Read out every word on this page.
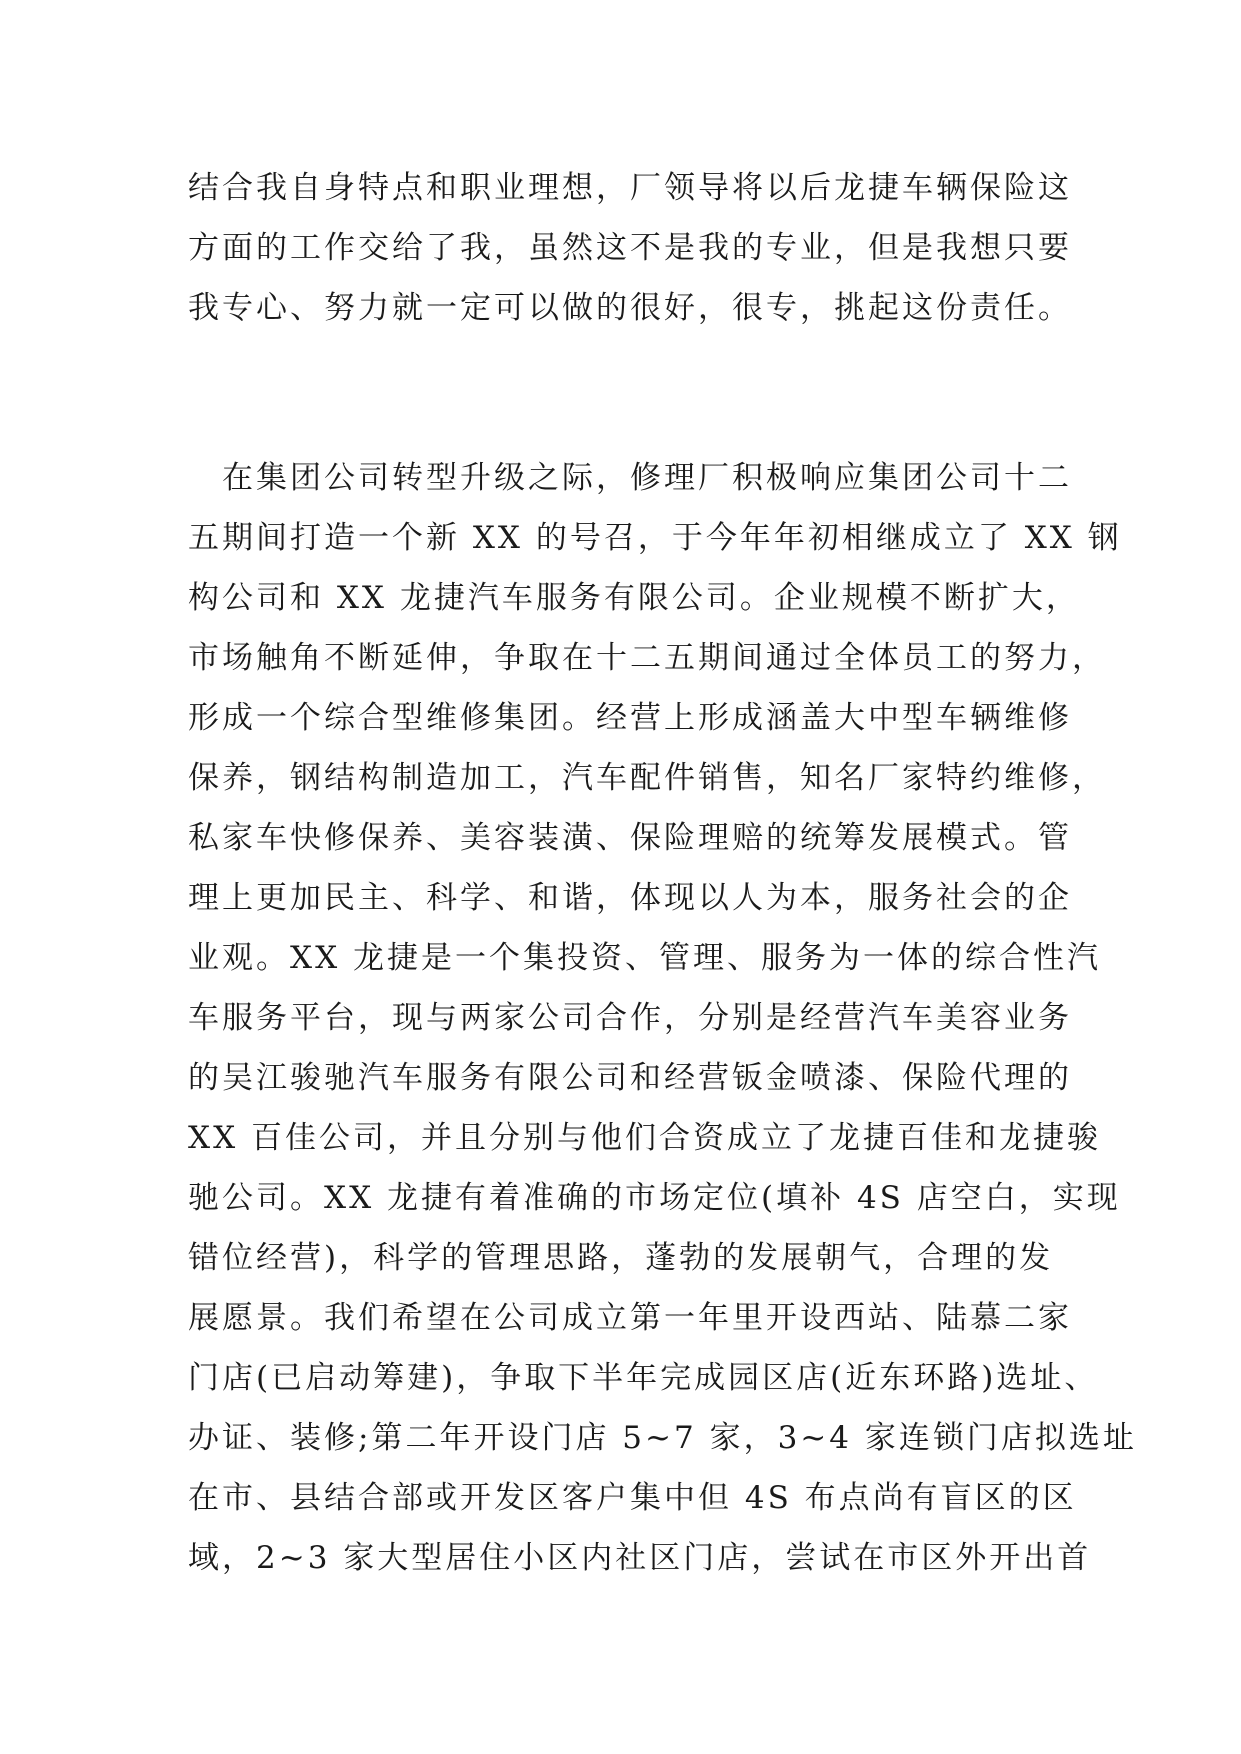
结合我自身特点和职业理想，厂领导将以后龙捷车辆保险这
方面的工作交给了我，虽然这不是我的专业，但是我想只要
我专心、努力就一定可以做的很好，很专，挑起这份责任。

　在集团公司转型升级之际，修理厂积极响应集团公司十二
五期间打造一个新 XX 的号召，于今年年初相继成立了 XX 钢
构公司和 XX 龙捷汽车服务有限公司。企业规模不断扩大，
市场触角不断延伸，争取在十二五期间通过全体员工的努力，
形成一个综合型维修集团。经营上形成涵盖大中型车辆维修
保养，钢结构制造加工，汽车配件销售，知名厂家特约维修，
私家车快修保养、美容装潢、保险理赔的统筹发展模式。管
理上更加民主、科学、和谐，体现以人为本，服务社会的企
业观。XX 龙捷是一个集投资、管理、服务为一体的综合性汽
车服务平台，现与两家公司合作，分别是经营汽车美容业务
的吴江骏驰汽车服务有限公司和经营钣金喷漆、保险代理的
XX 百佳公司，并且分别与他们合资成立了龙捷百佳和龙捷骏
驰公司。XX 龙捷有着准确的市场定位(填补 4S 店空白，实现
错位经营)，科学的管理思路，蓬勃的发展朝气，合理的发
展愿景。我们希望在公司成立第一年里开设西站、陆慕二家
门店(已启动筹建)，争取下半年完成园区店(近东环路)选址、
办证、装修;第二年开设门店 5~7 家，3~4 家连锁门店拟选址
在市、县结合部或开发区客户集中但 4S 布点尚有盲区的区
域，2~3 家大型居住小区内社区门店，尝试在市区外开出首
